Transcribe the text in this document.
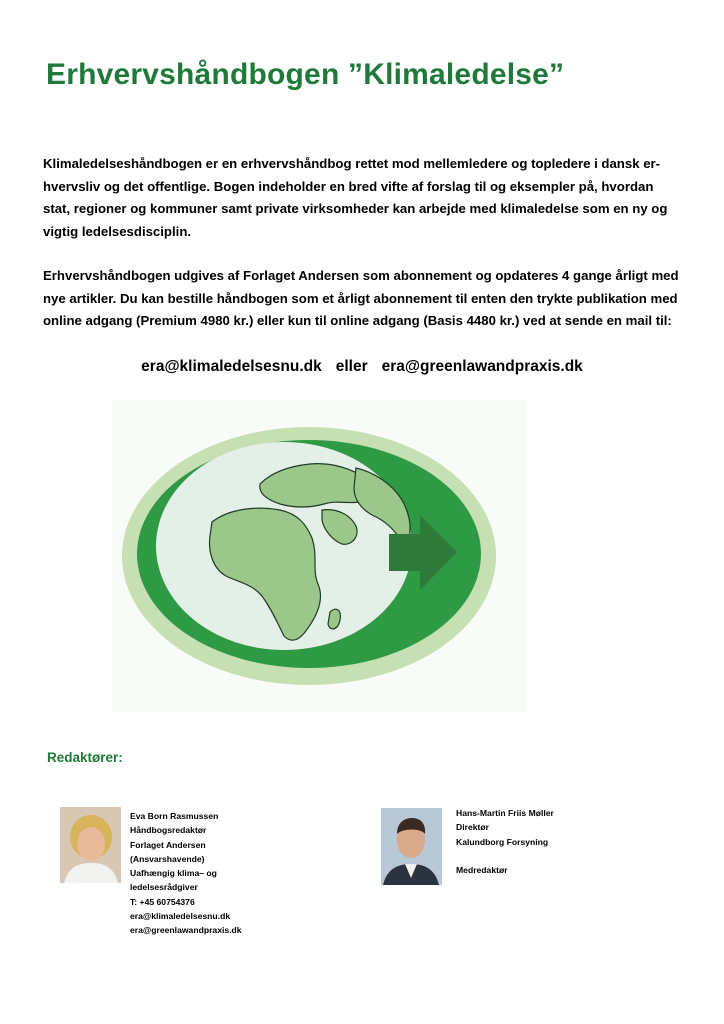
Erhvervshåndbogen ”Klimaledelse”

Klimaledelseshåndbogen er en erhvervshåndbog rettet mod mellemledere og topledere i dansk erhvervsliv og det offentlige. Bogen indeholder en bred vifte af forslag til og eksempler på, hvordan stat, regioner og kommuner samt private virksomheder kan arbejde med klimaledelse som en ny og vigtig ledelsesdisciplin.

Erhvervshåndbogen udgives af Forlaget Andersen som abonnement og opdateres 4 gange årligt med nye artikler. Du kan bestille håndbogen som et årligt abonnement til enten den trykte publikation med online adgang (Premium 4980 kr.) eller kun til online adgang (Basis 4480 kr.) ved at sende en mail til:

era@klimaledelsesnu.dk eller era@greenlawandpraxis.dk
Redaktører:
Eva Born Rasmussen
Håndbogsredaktør
Forlaget Andersen
(Ansvarshavende)
Uafhængig klima– og
ledelsesrådgiver
T: +45 60754376
era@klimaledelsesnu.dk
era@greenlawandpraxis.dk
Hans-Martin Friis Møller
Direktør
Kalundborg Forsyning
Medredaktør
